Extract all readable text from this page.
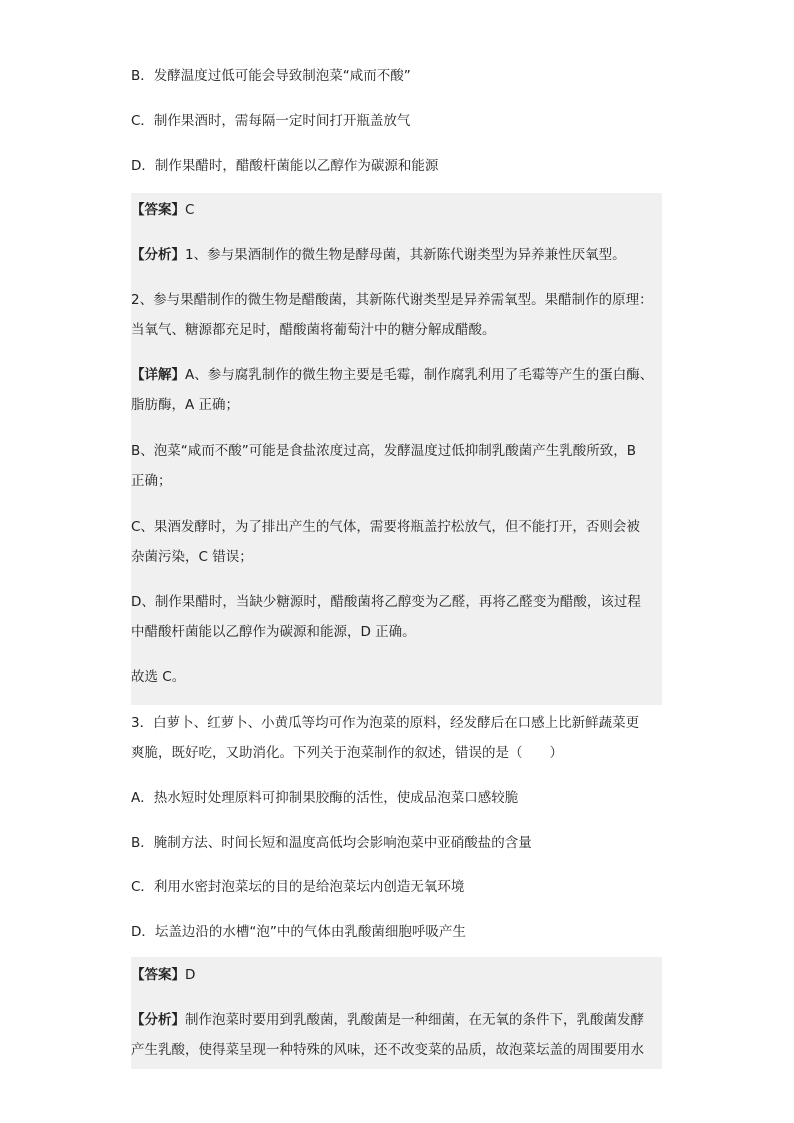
B．发酵温度过低可能会导致制泡菜“咸而不酸”
C．制作果酒时，需每隔一定时间打开瓶盖放气
D．制作果醋时，醋酸杆菌能以乙醇作为碳源和能源
【答案】C
【分析】1、参与果酒制作的微生物是酵母菌，其新陈代谢类型为异养兼性厌氧型。
2、参与果醋制作的微生物是醋酸菌，其新陈代谢类型是异养需氧型。果醋制作的原理：
当氧气、糖源都充足时，醋酸菌将葡萄汁中的糖分解成醋酸。
【详解】A、参与腐乳制作的微生物主要是毛霉，制作腐乳利用了毛霉等产生的蛋白酶、
脂肪酶，A 正确；
B、泡菜“咸而不酸”可能是食盐浓度过高，发酵温度过低抑制乳酸菌产生乳酸所致，B
正确；
C、果酒发酵时，为了排出产生的气体，需要将瓶盖拧松放气，但不能打开，否则会被
杂菌污染，C 错误；
D、制作果醋时，当缺少糖源时，醋酸菌将乙醇变为乙醛，再将乙醛变为醋酸，该过程
中醋酸杆菌能以乙醇作为碳源和能源，D 正确。
故选 C。
3．白萝卜、红萝卜、小黄瓜等均可作为泡菜的原料，经发酵后在口感上比新鲜蔬菜更
爽脆，既好吃，又助消化。下列关于泡菜制作的叙述，错误的是（　　）
A．热水短时处理原料可抑制果胶酶的活性，使成品泡菜口感较脆
B．腌制方法、时间长短和温度高低均会影响泡菜中亚硝酸盐的含量
C．利用水密封泡菜坛的目的是给泡菜坛内创造无氧环境
D．坛盖边沿的水槽“泡”中的气体由乳酸菌细胞呼吸产生
【答案】D
【分析】制作泡菜时要用到乳酸菌，乳酸菌是一种细菌，在无氧的条件下，乳酸菌发酵
产生乳酸，使得菜呈现一种特殊的风味，还不改变菜的品质，故泡菜坛盖的周围要用水
